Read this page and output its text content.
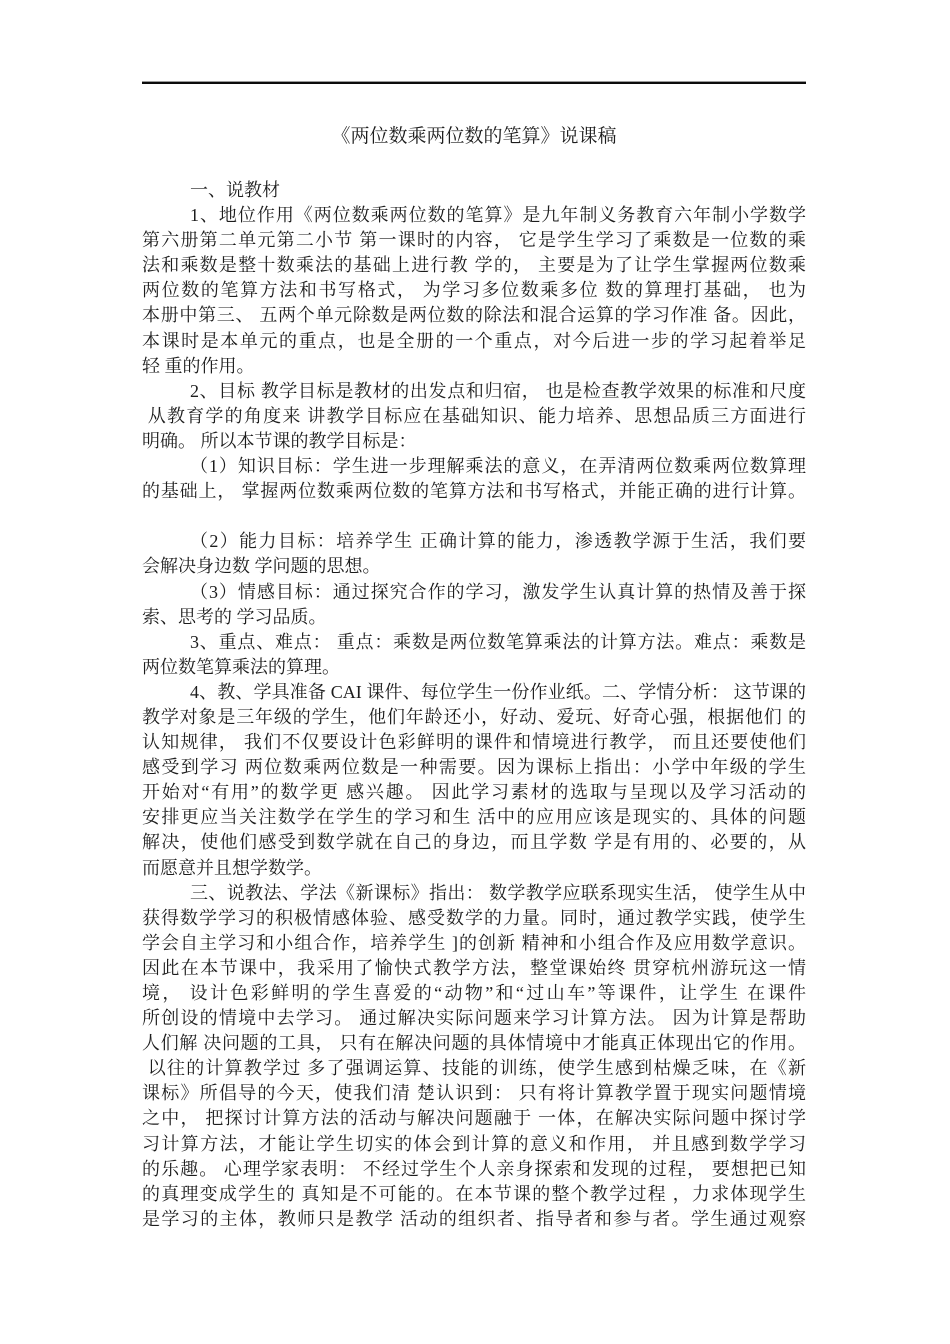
《两位数乘两位数的笔算》说课稿
一、说教材
1、地位作用《两位数乘两位数的笔算》是九年制义务教育六年制小学数学
第六册第二单元第二小节 第一课时的内容， 它是学生学习了乘数是一位数的乘
法和乘数是整十数乘法的基础上进行教 学的， 主要是为了让学生掌握两位数乘
两位数的笔算方法和书写格式， 为学习多位数乘多位 数的算理打基础， 也为
本册中第三、 五两个单元除数是两位数的除法和混合运算的学习作准 备。因此，
本课时是本单元的重点，也是全册的一个重点，对今后进一步的学习起着举足
轻 重的作用。
2、目标 教学目标是教材的出发点和归宿， 也是检查教学效果的标准和尺度
从教育学的角度来 讲教学目标应在基础知识、能力培养、思想品质三方面进行
明确。 所以本节课的教学目标是：
（1）知识目标：学生进一步理解乘法的意义，在弄清两位数乘两位数算理
的基础上， 掌握两位数乘两位数的笔算方法和书写格式，并能正确的进行计算。
（2）能力目标：培养学生 正确计算的能力，渗透教学源于生活，我们要
会解决身边数 学问题的思想。
（3）情感目标：通过探究合作的学习，激发学生认真计算的热情及善于探
索、思考的 学习品质。
3、重点、难点： 重点：乘数是两位数笔算乘法的计算方法。难点：乘数是
两位数笔算乘法的算理。
4、教、学具准备 CAI 课件、每位学生一份作业纸。二、学情分析： 这节课的
教学对象是三年级的学生，他们年龄还小，好动、爱玩、好奇心强，根据他们 的
认知规律， 我们不仅要设计色彩鲜明的课件和情境进行教学， 而且还要使他们
感受到学习 两位数乘两位数是一种需要。因为课标上指出：小学中年级的学生
开始对“有用”的数学更 感兴趣。 因此学习素材的选取与呈现以及学习活动的
安排更应当关注数学在学生的学习和生 活中的应用应该是现实的、具体的问题
解决，使他们感受到数学就在自己的身边，而且学数 学是有用的、必要的，从
而愿意并且想学数学。
三、说教法、学法《新课标》指出： 数学教学应联系现实生活， 使学生从中
获得数学学习的积极情感体验、感受数学的力量。同时，通过教学实践，使学生
学会自主学习和小组合作，培养学生 ]的创新 精神和小组合作及应用数学意识。
因此在本节课中，我采用了愉快式教学方法，整堂课始终 贯穿杭州游玩这一情
境， 设计色彩鲜明的学生喜爱的“动物”和“过山车”等课件，让学生 在课件
所创设的情境中去学习。 通过解决实际问题来学习计算方法。 因为计算是帮助
人们解 决问题的工具， 只有在解决问题的具体情境中才能真正体现出它的作用。
以往的计算教学过 多了强调运算、技能的训练，使学生感到枯燥乏味，在《新
课标》所倡导的今天，使我们清 楚认识到： 只有将计算教学置于现实问题情境
之中， 把探讨计算方法的活动与解决问题融于 一体，在解决实际问题中探讨学
习计算方法，才能让学生切实的体会到计算的意义和作用， 并且感到数学学习
的乐趣。 心理学家表明： 不经过学生个人亲身探索和发现的过程， 要想把已知
的真理变成学生的 真知是不可能的。在本节课的整个教学过程 ，力求体现学生
是学习的主体，教师只是教学 活动的组织者、指导者和参与者。学生通过观察
